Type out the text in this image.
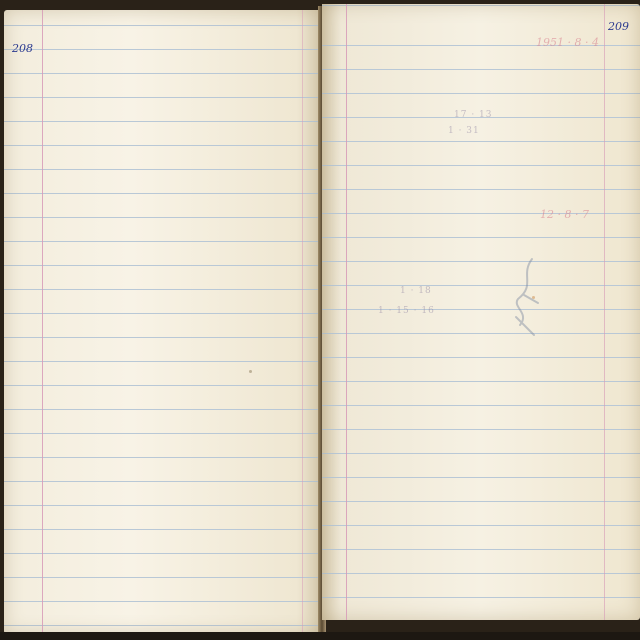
208
209
1951 · 8 · 4
17 · 13
1 · 31
12 · 8 · 7
1 · 18
1 · 15 · 16
